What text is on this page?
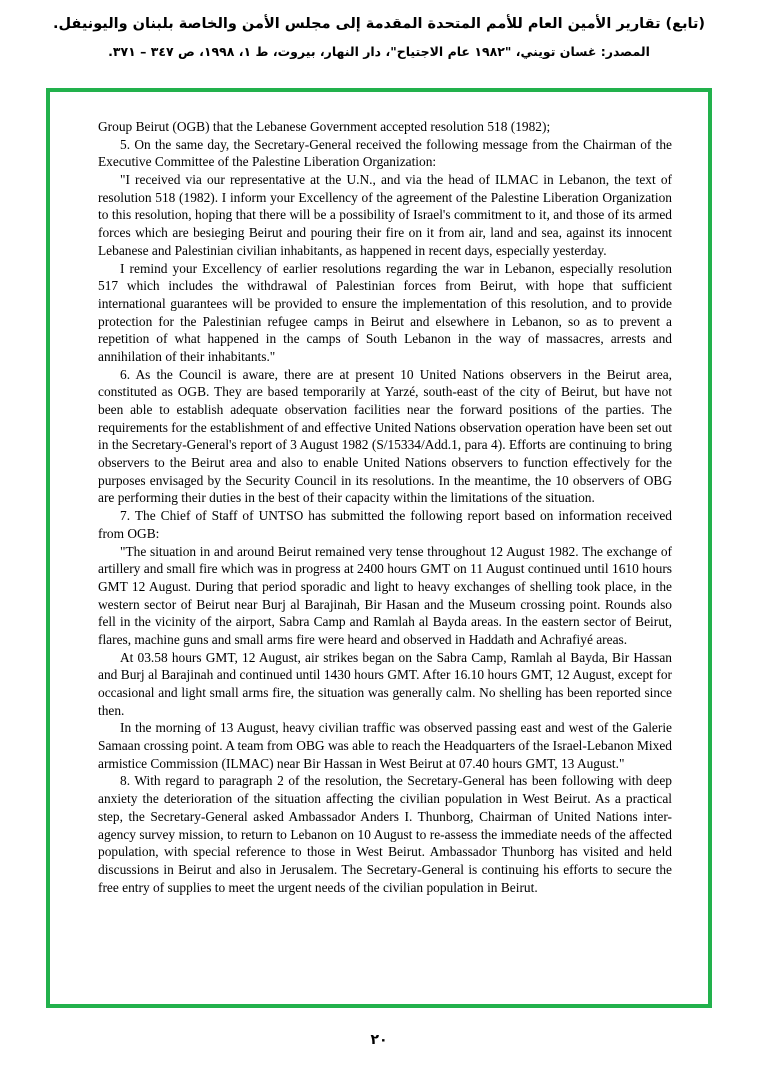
(تابع) تقارير الأمين العام للأمم المتحدة المقدمة إلى مجلس الأمن والخاصة بلبنان واليونيفل.
المصدر: غسان تويني، "١٩٨٢ عام الاجتياح"، دار النهار، بيروت، ط ١، ١٩٩٨، ص ٣٤٧ – ٣٧١.

Group Beirut (OGB) that the Lebanese Government accepted resolution 518 (1982);

5. On the same day, the Secretary-General received the following message from the Chairman of the Executive Committee of the Palestine Liberation Organization:

"I received via our representative at the U.N., and via the head of ILMAC in Lebanon, the text of resolution 518 (1982). I inform your Excellency of the agreement of the Palestine Liberation Organization to this resolution, hoping that there will be a possibility of Israel's commitment to it, and those of its armed forces which are besieging Beirut and pouring their fire on it from air, land and sea, against its innocent Lebanese and Palestinian civilian inhabitants, as happened in recent days, especially yesterday.

I remind your Excellency of earlier resolutions regarding the war in Lebanon, especially resolution 517 which includes the withdrawal of Palestinian forces from Beirut, with hope that sufficient international guarantees will be provided to ensure the implementation of this resolution, and to provide protection for the Palestinian refugee camps in Beirut and elsewhere in Lebanon, so as to prevent a repetition of what happened in the camps of South Lebanon in the way of massacres, arrests and annihilation of their inhabitants."

6. As the Council is aware, there are at present 10 United Nations observers in the Beirut area, constituted as OGB. They are based temporarily at Yarzé, south-east of the city of Beirut, but have not been able to establish adequate observation facilities near the forward positions of the parties. The requirements for the establishment of and effective United Nations observation operation have been set out in the Secretary-General's report of 3 August 1982 (S/15334/Add.1, para 4). Efforts are continuing to bring observers to the Beirut area and also to enable United Nations observers to function effectively for the purposes envisaged by the Security Council in its resolutions. In the meantime, the 10 observers of OBG are performing their duties in the best of their capacity within the limitations of the situation.

7. The Chief of Staff of UNTSO has submitted the following report based on information received from OGB:

"The situation in and around Beirut remained very tense throughout 12 August 1982. The exchange of artillery and small fire which was in progress at 2400 hours GMT on 11 August continued until 1610 hours GMT 12 August. During that period sporadic and light to heavy exchanges of shelling took place, in the western sector of Beirut near Burj al Barajinah, Bir Hasan and the Museum crossing point. Rounds also fell in the vicinity of the airport, Sabra Camp and Ramlah al Bayda areas. In the eastern sector of Beirut, flares, machine guns and small arms fire were heard and observed in Haddath and Achrafiyé areas.

At 03.58 hours GMT, 12 August, air strikes began on the Sabra Camp, Ramlah al Bayda, Bir Hassan and Burj al Barajinah and continued until 1430 hours GMT. After 16.10 hours GMT, 12 August, except for occasional and light small arms fire, the situation was generally calm. No shelling has been reported since then.

In the morning of 13 August, heavy civilian traffic was observed passing east and west of the Galerie Samaan crossing point. A team from OBG was able to reach the Headquarters of the Israel-Lebanon Mixed armistice Commission (ILMAC) near Bir Hassan in West Beirut at 07.40 hours GMT, 13 August."

8. With regard to paragraph 2 of the resolution, the Secretary-General has been following with deep anxiety the deterioration of the situation affecting the civilian population in West Beirut. As a practical step, the Secretary-General asked Ambassador Anders I. Thunborg, Chairman of United Nations inter-agency survey mission, to return to Lebanon on 10 August to re-assess the immediate needs of the affected population, with special reference to those in West Beirut. Ambassador Thunborg has visited and held discussions in Beirut and also in Jerusalem. The Secretary-General is continuing his efforts to secure the free entry of supplies to meet the urgent needs of the civilian population in Beirut.

٢٠
